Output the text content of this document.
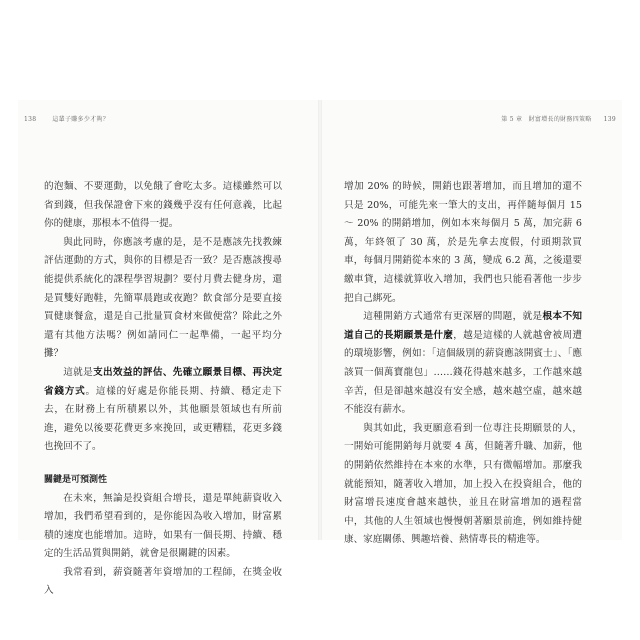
138	這輩子賺多少才夠？	第 5 章　財富增長的財務四策略 139

的泡麵、不要運動，以免餓了會吃太多。這樣雖然可以省到錢，但我保證會下來的錢幾乎沒有任何意義，比起你的健康，那根本不值得一提。

與此同時，你應該考慮的是，是不是應該先找教練評估運動的方式，與你的目標是否一致？是否應該搜尋能提供系統化的課程學習規劃？要付月費去健身房，還是買雙好跑鞋，先簡單晨跑或夜跑？飲食部分是要直接買健康餐盒，還是自己批量買食材來做便當？除此之外還有其他方法嗎？例如請同仁一起準備，一起平均分攤？

這就是支出效益的評估、先確立願景目標、再決定省錢方式。這樣的好處是你能長期、持續、穩定走下去，在財務上有所積累以外，其他願景領域也有所前進，避免以後要花費更多來挽回，或更糟糕，花更多錢也挽回不了。

關鍵是可預測性

在未來，無論是投資組合增長，還是單純薪資收入增加，我們希望看到的，是你能因為收入增加，財富累積的速度也能增加。這時，如果有一個長期、持續、穩定的生活品質與開銷，就會是很關鍵的因素。

我常看到，薪資隨著年資增加的工程師，在獎金收入

增加 20% 的時候，開銷也跟著增加，而且增加的還不只是 20%，可能先來一筆大的支出，再伴隨每個月 15 ～ 20% 的開銷增加，例如本來每個月 5 萬，加完薪 6 萬，年終領了 30 萬，於是先拿去度假，付頭期款買車，每個月開銷從本來的 3 萬，變成 6.2 萬，之後還要繳車貸，這樣就算收入增加，我們也只能看著他一步步把自己綁死。

這種開銷方式通常有更深層的問題，就是根本不知道自己的長期願景是什麼，越是這樣的人就越會被周遭的環境影響，例如：「這個級別的薪資應該開賓士」、「應該買一個萬寶龍包」……錢花得越來越多，工作越來越辛苦，但是卻越來越沒有安全感，越來越空虛，越來越不能沒有薪水。

與其如此，我更願意看到一位專注長期願景的人，一開始可能開銷每月就要 4 萬，但隨著升職、加薪，他的開銷依然維持在本來的水準，只有微幅增加。那麼我就能預知，隨著收入增加，加上投入在投資組合，他的財富增長速度會越來越快，並且在財富增加的過程當中，其他的人生領域也慢慢朝著願景前進，例如維持健康、家庭關係、興趣培養、熱情專長的精進等。
